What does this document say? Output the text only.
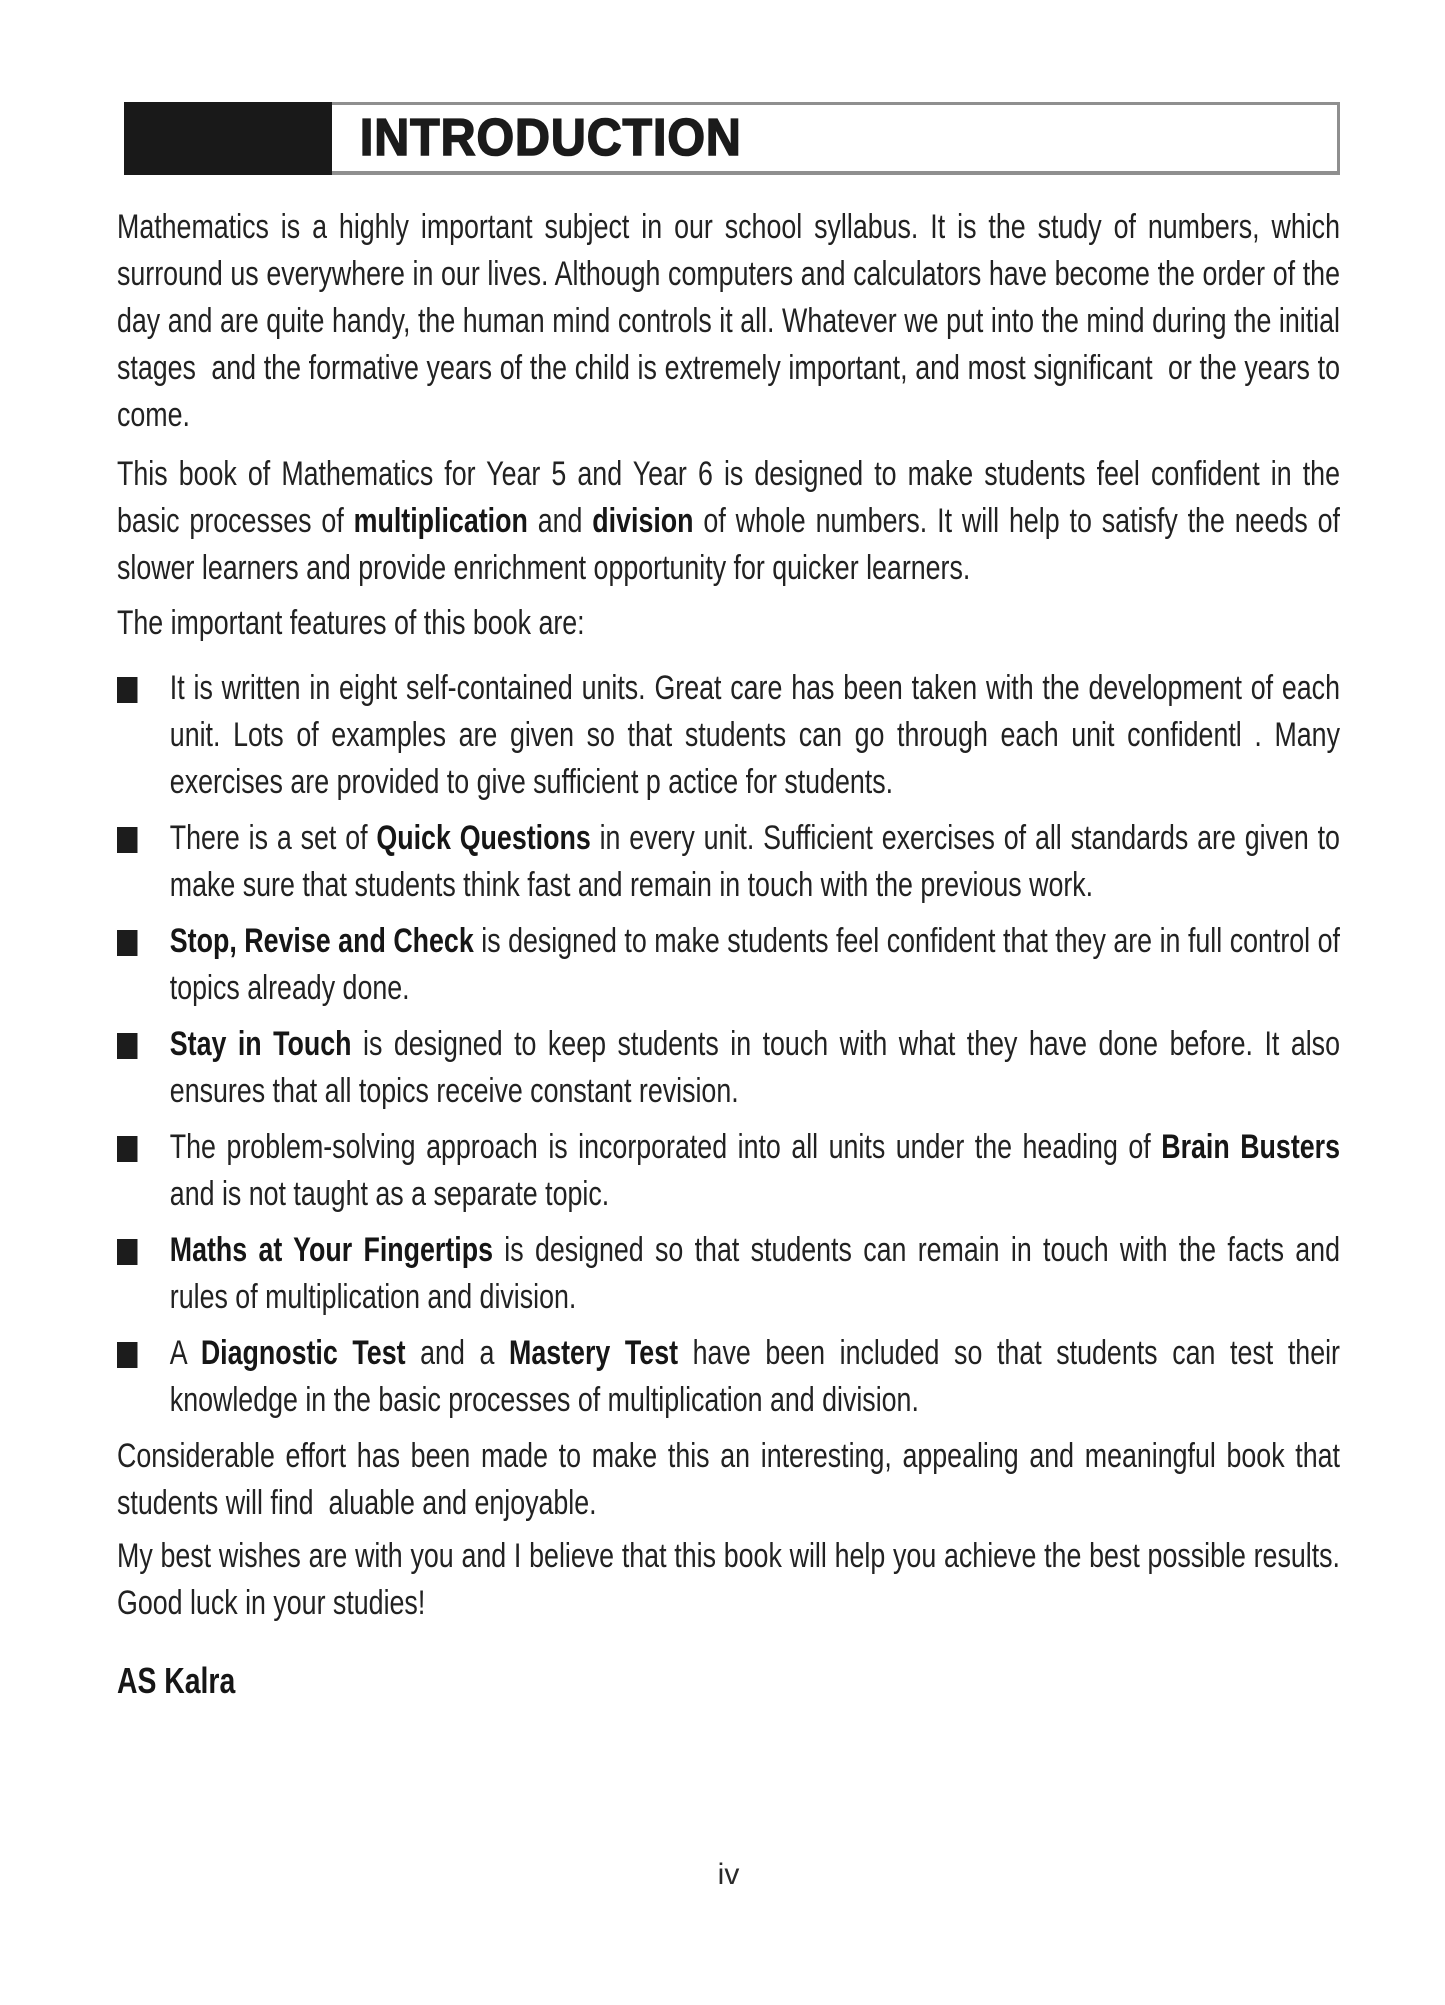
INTRODUCTION
Mathematics is a highly important subject in our school syllabus. It is the study of numbers, which surround us everywhere in our lives. Although computers and calculators have become the order of the day and are quite handy, the human mind controls it all. Whatever we put into the mind during the initial stages  and the formative years of the child is extremely important, and most significant  or the years to come.
This book of Mathematics for Year 5 and Year 6 is designed to make students feel confident in the basic processes of multiplication and division of whole numbers. It will help to satisfy the needs of slower learners and provide enrichment opportunity for quicker learners.
The important features of this book are:
It is written in eight self-contained units. Great care has been taken with the development of each unit. Lots of examples are given so that students can go through each unit confidentl . Many exercises are provided to give sufficient p actice for students.
There is a set of Quick Questions in every unit. Sufficient exercises of all standards are given to make sure that students think fast and remain in touch with the previous work.
Stop, Revise and Check is designed to make students feel confident that they are in full control of topics already done.
Stay in Touch is designed to keep students in touch with what they have done before. It also ensures that all topics receive constant revision.
The problem-solving approach is incorporated into all units under the heading of Brain Busters and is not taught as a separate topic.
Maths at Your Fingertips is designed so that students can remain in touch with the facts and rules of multiplication and division.
A Diagnostic Test and a Mastery Test have been included so that students can test their knowledge in the basic processes of multiplication and division.
Considerable effort has been made to make this an interesting, appealing and meaningful book that students will find  aluable and enjoyable.
My best wishes are with you and I believe that this book will help you achieve the best possible results. Good luck in your studies!
AS Kalra
iv
